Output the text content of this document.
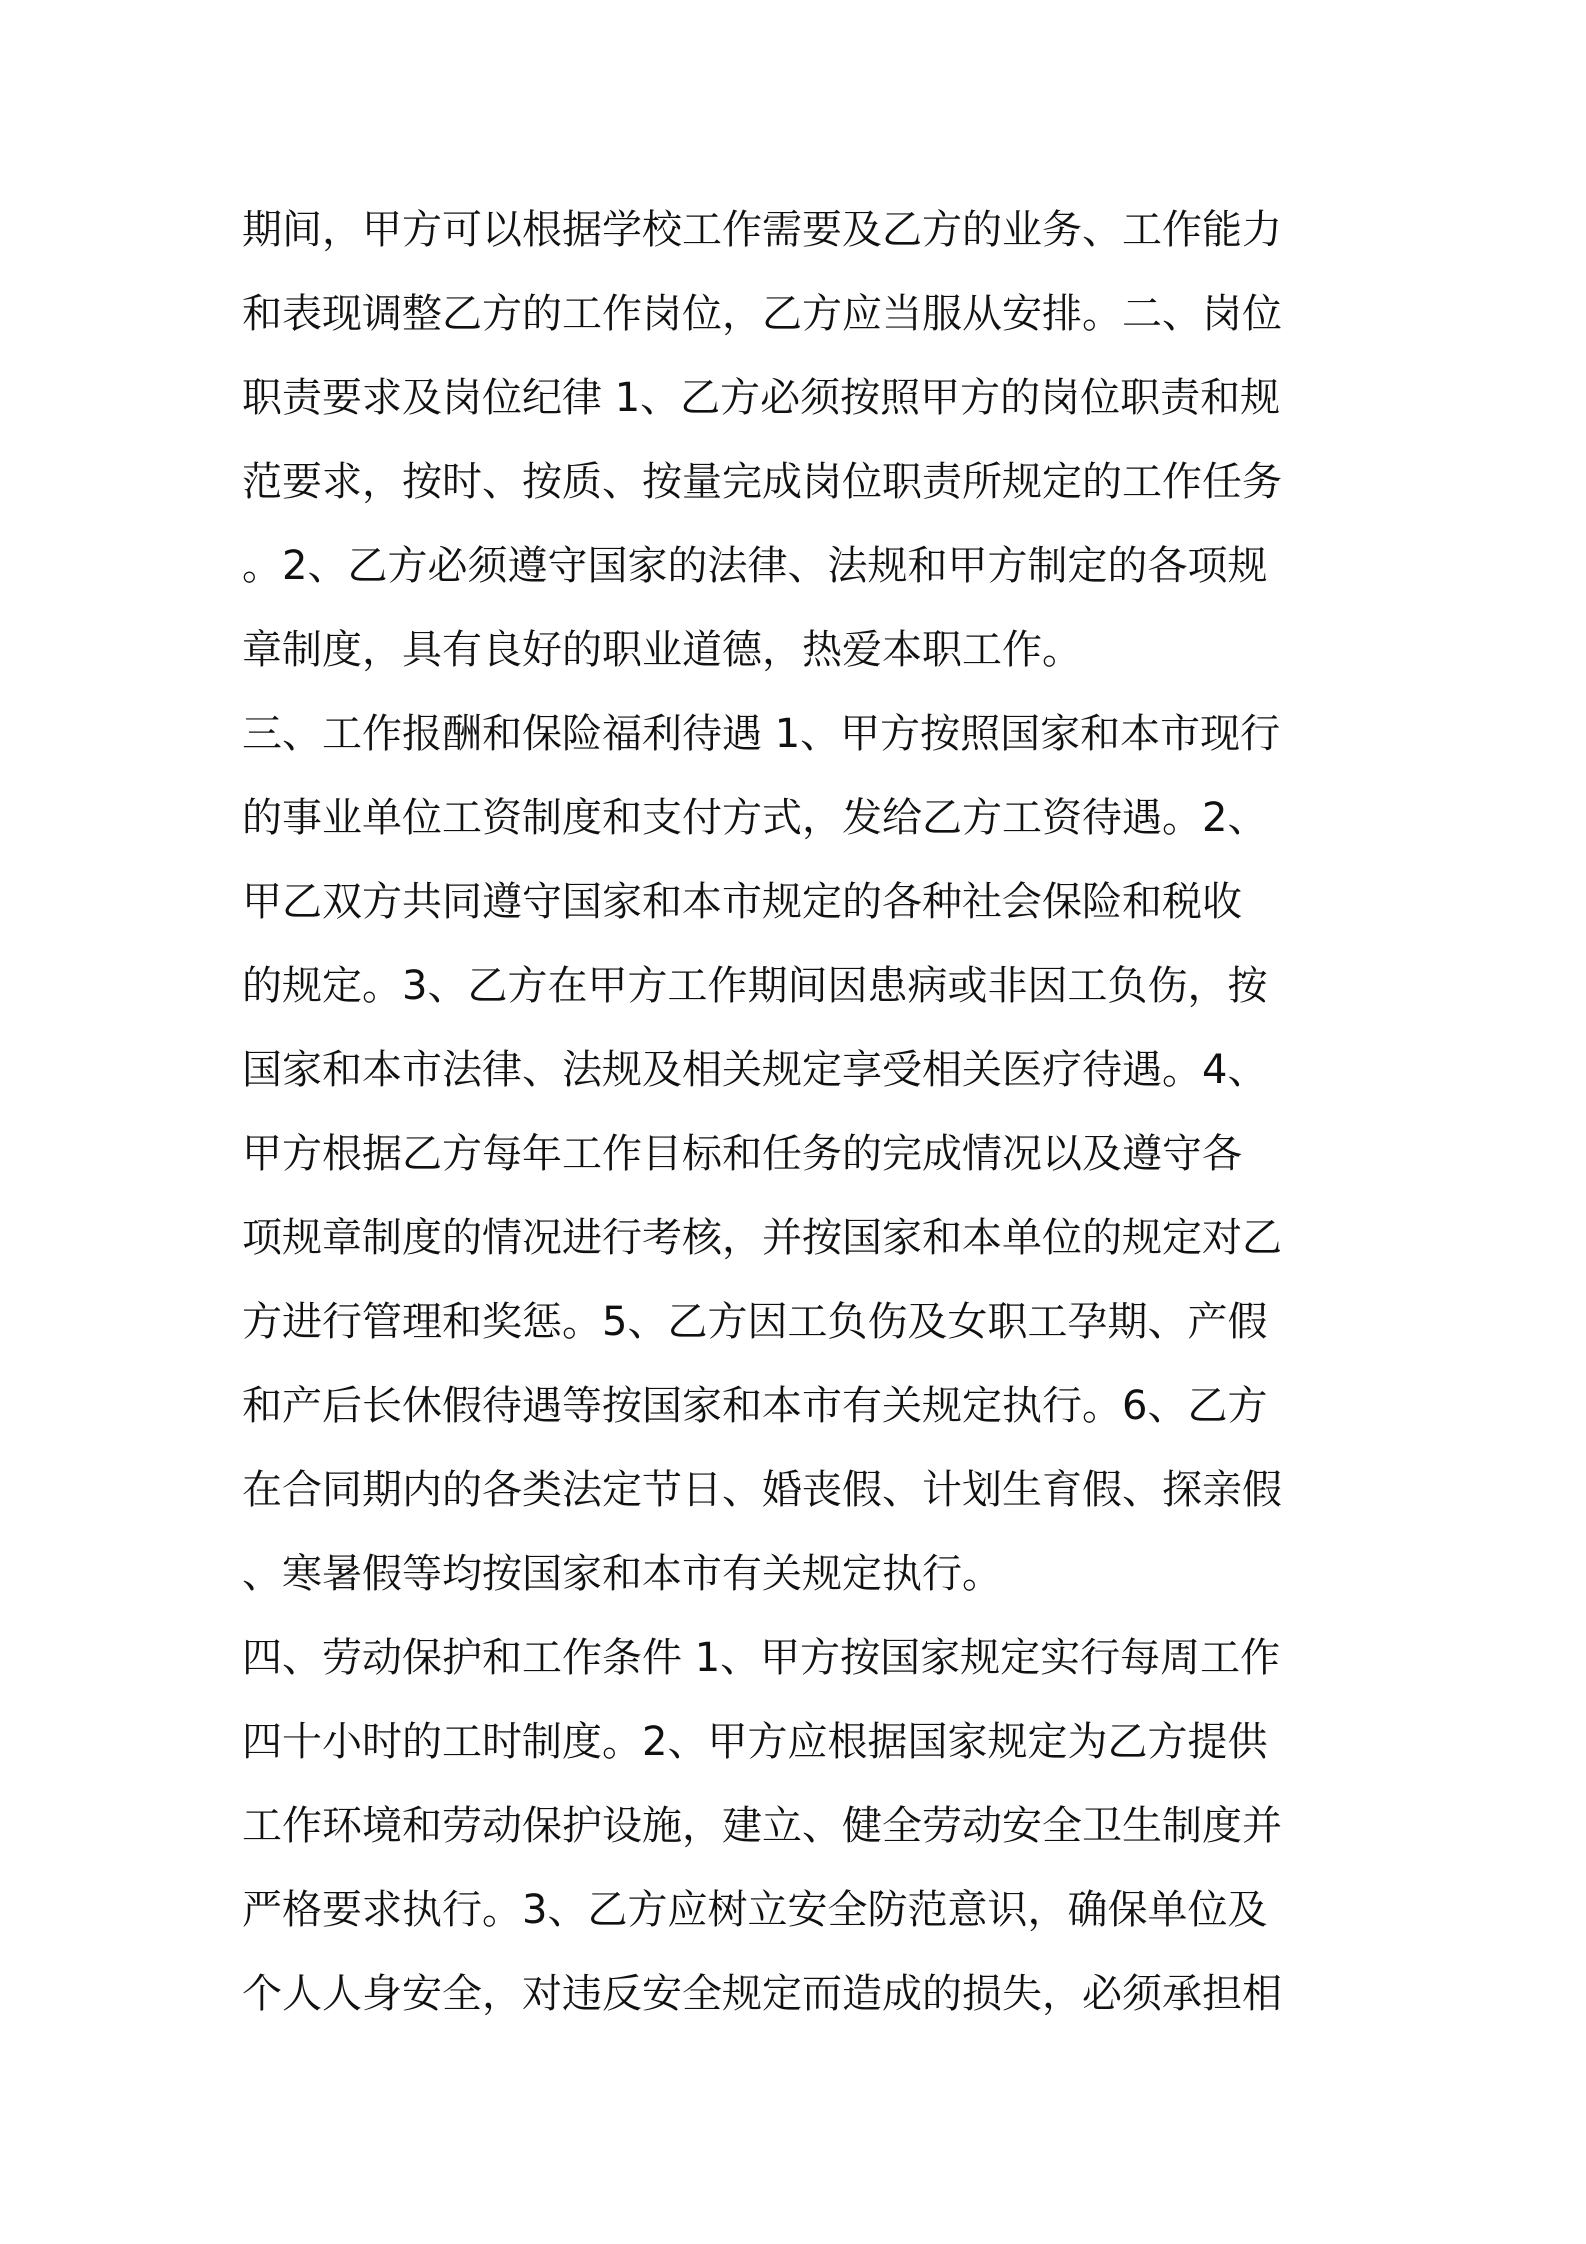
期间，甲方可以根据学校工作需要及乙方的业务、工作能力
和表现调整乙方的工作岗位，乙方应当服从安排。二、岗位
职责要求及岗位纪律 1、乙方必须按照甲方的岗位职责和规
范要求，按时、按质、按量完成岗位职责所规定的工作任务
。2、乙方必须遵守国家的法律、法规和甲方制定的各项规
章制度，具有良好的职业道德，热爱本职工作。
三、工作报酬和保险福利待遇 1、甲方按照国家和本市现行
的事业单位工资制度和支付方式，发给乙方工资待遇。2、
甲乙双方共同遵守国家和本市规定的各种社会保险和税收
的规定。3、乙方在甲方工作期间因患病或非因工负伤，按
国家和本市法律、法规及相关规定享受相关医疗待遇。4、
甲方根据乙方每年工作目标和任务的完成情况以及遵守各
项规章制度的情况进行考核，并按国家和本单位的规定对乙
方进行管理和奖惩。5、乙方因工负伤及女职工孕期、产假
和产后长休假待遇等按国家和本市有关规定执行。6、乙方
在合同期内的各类法定节日、婚丧假、计划生育假、探亲假
、寒暑假等均按国家和本市有关规定执行。
四、劳动保护和工作条件 1、甲方按国家规定实行每周工作
四十小时的工时制度。2、甲方应根据国家规定为乙方提供
工作环境和劳动保护设施，建立、健全劳动安全卫生制度并
严格要求执行。3、乙方应树立安全防范意识，确保单位及
个人人身安全，对违反安全规定而造成的损失，必须承担相
